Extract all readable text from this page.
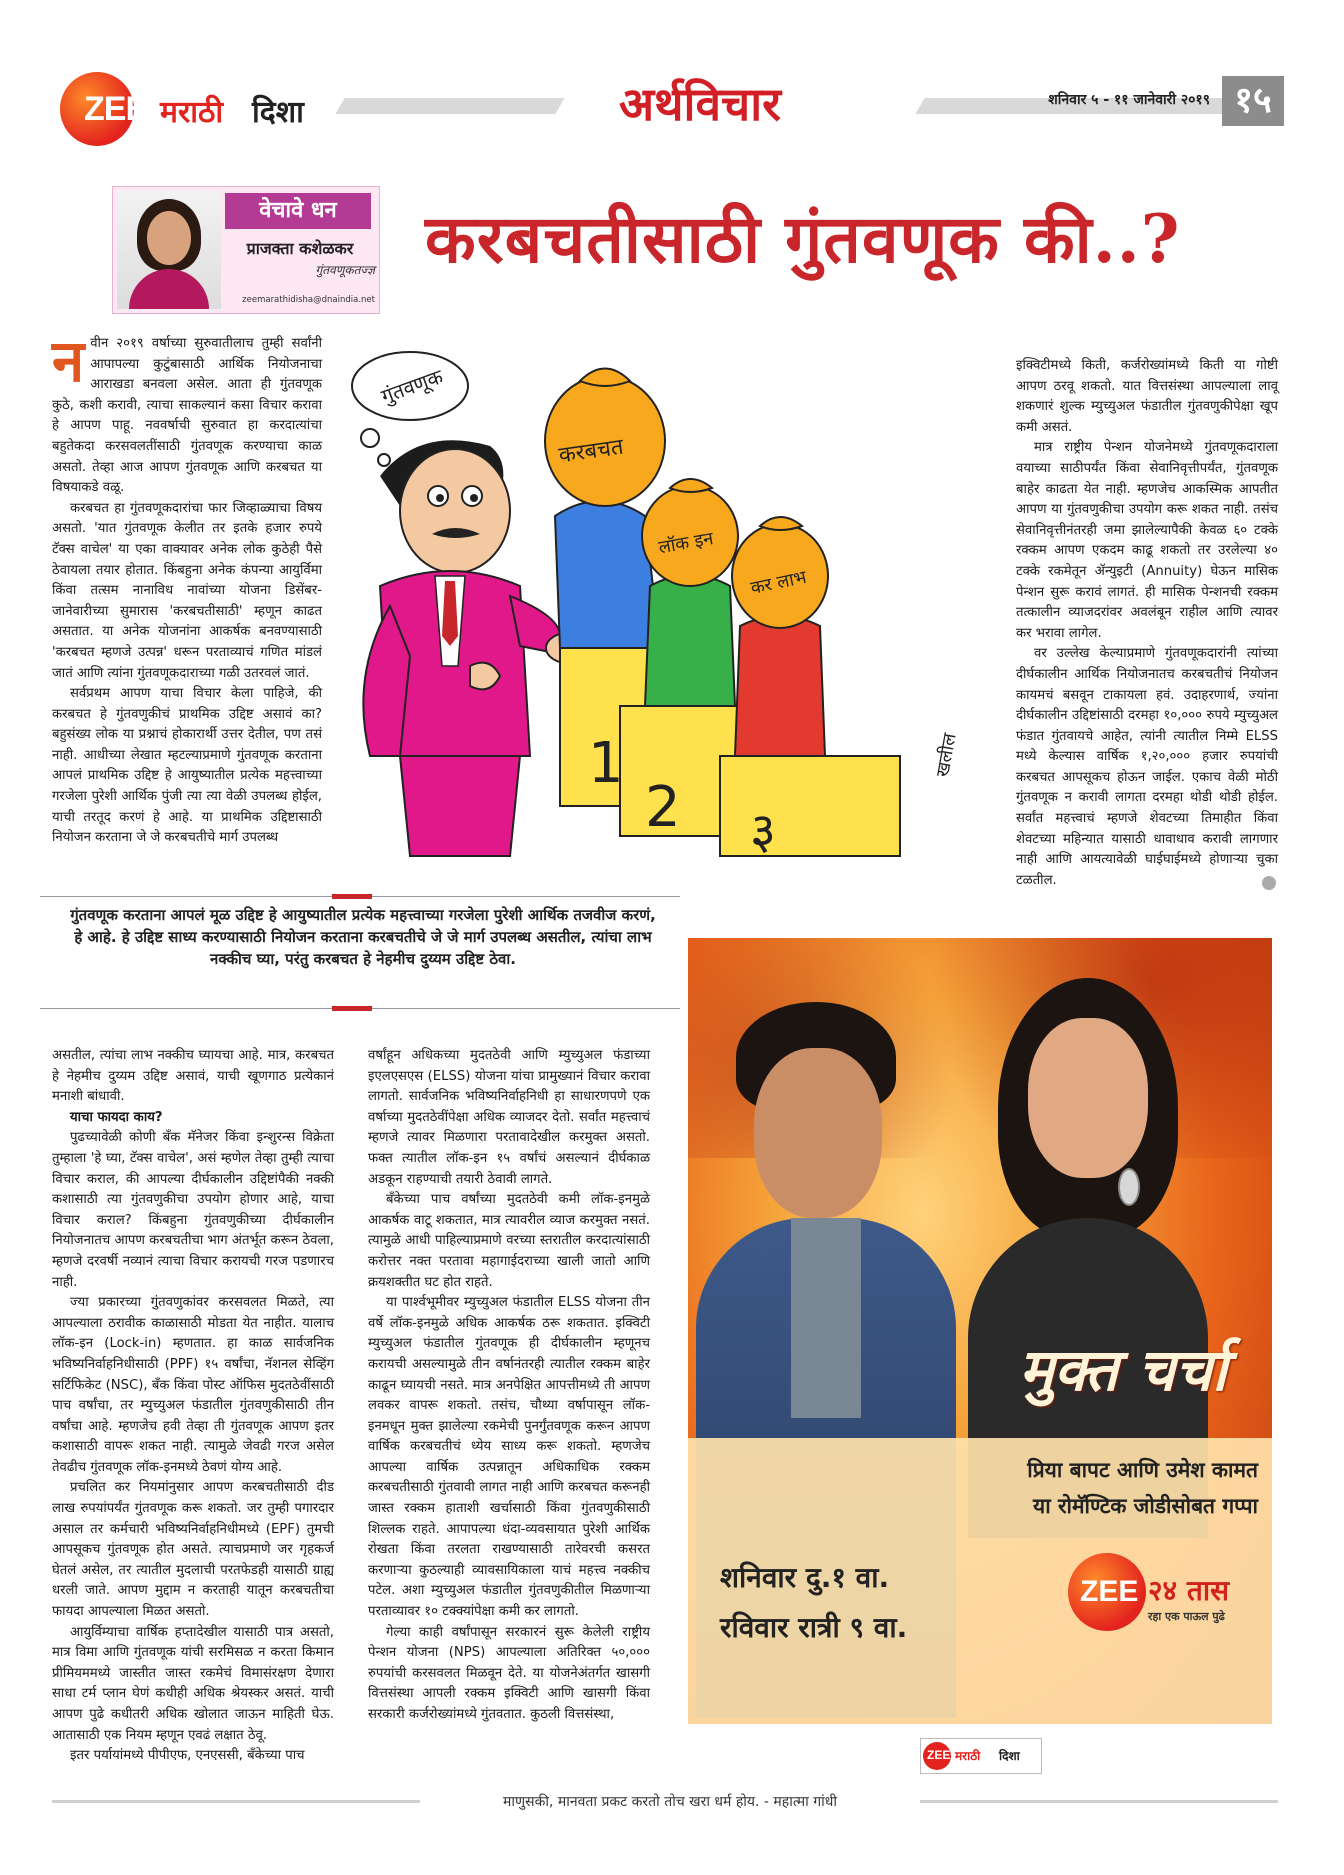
ZEE मराठी दिशा	अर्थविचार	शनिवार ५ - ११ जानेवारी २०१९ १५
वेचावे धन
प्राजक्ता कशेळकर
गुंतवणूकतज्ज्ञ
zeemarathidisha@dnaindia.net
करबचतीसाठी गुंतवणूक की..?
न वीन २०१९ वर्षाच्या सुरुवातीलाच तुम्ही सर्वांनी आपापल्या कुटुंबासाठी आर्थिक नियोजनाचा आराखडा बनवला असेल. आता ही गुंतवणूक कुठे, कशी करावी, त्याचा साकल्यानं कसा विचार करावा हे आपण पाहू. नववर्षाची सुरुवात हा करदात्यांचा बहुतेकदा करसवलतींसाठी गुंतवणूक करण्याचा काळ असतो. तेव्हा आज आपण गुंतवणूक आणि करबचत या विषयाकडे वळू.

करबचत हा गुंतवणूकदारांचा फार जिव्हाळ्याचा विषय असतो. 'यात गुंतवणूक केलीत तर इतके हजार रुपये टॅक्स वाचेल' या एका वाक्यावर अनेक लोक कुठेही पैसे ठेवायला तयार होतात. किंबहुना अनेक कंपन्या आयुर्विमा किंवा तत्सम नानाविध नावांच्या योजना डिसेंबर-जानेवारीच्या सुमारास 'करबचतीसाठी' म्हणून काढत असतात. या अनेक योजनांना आकर्षक बनवण्यासाठी 'करबचत म्हणजे उत्पन्न' धरून परताव्याचं गणित मांडलं जातं आणि त्यांना गुंतवणूकदाराच्या गळी उतरवलं जातं.

सर्वप्रथम आपण याचा विचार केला पाहिजे, की करबचत हे गुंतवणुकीचं प्राथमिक उद्दिष्ट असावं का? बहुसंख्य लोक या प्रश्नाचं होकारार्थी उत्तर देतील, पण तसं नाही. आधीच्या लेखात म्हटल्याप्रमाणे गुंतवणूक करताना आपलं प्राथमिक उद्दिष्ट हे आयुष्यातील प्रत्येक महत्त्वाच्या गरजेला पुरेशी आर्थिक पुंजी त्या त्या वेळी उपलब्ध होईल, याची तरतूद करणं हे आहे. या प्राथमिक उद्दिष्टासाठी नियोजन करताना जे जे करबचतीचे मार्ग उपलब्ध

गुंतवणूक
1
2 ३
करबचत
लॉक इन
कर लाभ
खलील

इक्विटीमध्ये किती, कर्जरोख्यांमध्ये किती या गोष्टी आपण ठरवू शकतो. यात वित्तसंस्था आपल्याला लावू शकणारं शुल्क म्युच्युअल फंडातील गुंतवणुकीपेक्षा खूप कमी असतं.

मात्र राष्ट्रीय पेन्शन योजनेमध्ये गुंतवणूकदाराला वयाच्या साठीपर्यंत किंवा सेवानिवृत्तीपर्यंत, गुंतवणूक बाहेर काढता येत नाही. म्हणजेच आकस्मिक आपतीत आपण या गुंतवणुकीचा उपयोग करू शकत नाही. तसंच सेवानिवृत्तीनंतरही जमा झालेल्यापैकी केवळ ६० टक्के रक्कम आपण एकदम काढू शकतो तर उरलेल्या ४० टक्के रकमेतून ॲन्युइटी (Annuity) घेऊन मासिक पेन्शन सुरू करावं लागतं. ही मासिक पेन्शनची रक्कम तत्कालीन व्याजदरांवर अवलंबून राहील आणि त्यावर कर भरावा लागेल.

वर उल्लेख केल्याप्रमाणे गुंतवणूकदारांनी त्यांच्या दीर्घकालीन आर्थिक नियोजनातच करबचतीचं नियोजन कायमचं बसवून टाकायला हवं. उदाहरणार्थ, ज्यांना दीर्घकालीन उद्दिष्टांसाठी दरमहा १०,००० रुपये म्युच्युअल फंडात गुंतवायचे आहेत, त्यांनी त्यातील निम्मे ELSS मध्ये केल्यास वार्षिक १,२०,००० हजार रुपयांची करबचत आपसूकच होऊन जाईल. एकाच वेळी मोठी गुंतवणूक न करावी लागता दरमहा थोडी थोडी होईल. सर्वांत महत्त्वाचं म्हणजे शेवटच्या तिमाहीत किंवा शेवटच्या महिन्यात यासाठी धावाधाव करावी लागणार नाही आणि आयत्यावेळी घाईघाईमध्ये होणाऱ्या चुका टळतील.

गुंतवणूक करताना आपलं मूळ उद्दिष्ट हे आयुष्यातील प्रत्येक महत्त्वाच्या गरजेला पुरेशी आर्थिक तजवीज करणं, हे आहे. हे उद्दिष्ट साध्य करण्यासाठी नियोजन करताना करबचतीचे जे जे मार्ग उपलब्ध असतील, त्यांचा लाभ नक्कीच घ्या, परंतु करबचत हे नेहमीच दुय्यम उद्दिष्ट ठेवा.

असतील, त्यांचा लाभ नक्कीच घ्यायचा आहे. मात्र, करबचत हे नेहमीच दुय्यम उद्दिष्ट असावं, याची खूणगाठ प्रत्येकानं मनाशी बांधावी.

याचा फायदा काय?

पुढच्यावेळी कोणी बँक मॅनेजर किंवा इन्शुरन्स विक्रेता तुम्हाला 'हे घ्या, टॅक्स वाचेल', असं म्हणेल तेव्हा तुम्ही त्याचा विचार कराल, की आपल्या दीर्घकालीन उद्दिष्टांपैकी नक्की कशासाठी त्या गुंतवणुकीचा उपयोग होणार आहे, याचा विचार कराल? किंबहुना गुंतवणुकीच्या दीर्घकालीन नियोजनातच आपण करबचतीचा भाग अंतर्भूत करून ठेवला, म्हणजे दरवर्षी नव्यानं त्याचा विचार करायची गरज पडणारच नाही.

ज्या प्रकारच्या गुंतवणुकांवर करसवलत मिळते, त्या आपल्याला ठरावीक काळासाठी मोडता येत नाहीत. यालाच लॉक-इन (Lock-in) म्हणतात. हा काळ सार्वजनिक भविष्यनिर्वाहनिधीसाठी (PPF) १५ वर्षांचा, नॅशनल सेव्हिंग सर्टिफिकेट (NSC), बँक किंवा पोस्ट ऑफिस मुदतठेवींसाठी पाच वर्षांचा, तर म्युच्युअल फंडातील गुंतवणुकीसाठी तीन वर्षांचा आहे. म्हणजेच हवी तेव्हा ती गुंतवणूक आपण इतर कशासाठी वापरू शकत नाही. त्यामुळे जेवढी गरज असेल तेवढीच गुंतवणूक लॉक-इनमध्ये ठेवणं योग्य आहे.

प्रचलित कर नियमांनुसार आपण करबचतीसाठी दीड लाख रुपयांपर्यंत गुंतवणूक करू शकतो. जर तुम्ही पगारदार असाल तर कर्मचारी भविष्यनिर्वाहनिधीमध्ये (EPF) तुमची आपसूकच गुंतवणूक होत असते. त्याचप्रमाणे जर गृहकर्ज घेतलं असेल, तर त्यातील मुदलाची परतफेडही यासाठी ग्राह्य धरली जाते. आपण मुद्दाम न करताही यातून करबचतीचा फायदा आपल्याला मिळत असतो.

आयुर्विम्याचा वार्षिक हप्तादेखील यासाठी पात्र असतो, मात्र विमा आणि गुंतवणूक यांची सरमिसळ न करता किमान प्रीमियममध्ये जास्तीत जास्त रकमेचं विमासंरक्षण देणारा साधा टर्म प्लान घेणं कधीही अधिक श्रेयस्कर असतं. याची आपण पुढे कधीतरी अधिक खोलात जाऊन माहिती घेऊ. आतासाठी एक नियम म्हणून एवढं लक्षात ठेवू.

इतर पर्यायांमध्ये पीपीएफ, एनएससी, बँकेच्या पाच

वर्षांहून अधिकच्या मुदतठेवी आणि म्युच्युअल फंडाच्या इएलएसएस (ELSS) योजना यांचा प्रामुख्यानं विचार करावा लागतो. सार्वजनिक भविष्यनिर्वाहनिधी हा साधारणपणे एक वर्षाच्या मुदतठेवींपेक्षा अधिक व्याजदर देतो. सर्वांत महत्त्वाचं म्हणजे त्यावर मिळणारा परतावादेखील करमुक्त असतो. फक्त त्यातील लॉक-इन १५ वर्षांचं असल्यानं दीर्घकाळ अडकून राहण्याची तयारी ठेवावी लागते.

बँकेच्या पाच वर्षांच्या मुदतठेवी कमी लॉक-इनमुळे आकर्षक वाटू शकतात, मात्र त्यावरील व्याज करमुक्त नसतं. त्यामुळे आधी पाहिल्याप्रमाणे वरच्या स्तरातील करदात्यांसाठी करोत्तर नक्त परतावा महागाईदराच्या खाली जातो आणि क्रयशक्तीत घट होत राहते.

या पार्श्वभूमीवर म्युच्युअल फंडातील ELSS योजना तीन वर्षे लॉक-इनमुळे अधिक आकर्षक ठरू शकतात. इक्विटी म्युच्युअल फंडातील गुंतवणूक ही दीर्घकालीन म्हणूनच करायची असल्यामुळे तीन वर्षानंतरही त्यातील रक्कम बाहेर काढून घ्यायची नसते. मात्र अनपेक्षित आपत्तीमध्ये ती आपण लवकर वापरू शकतो. तसंच, चौथ्या वर्षापासून लॉक-इनमधून मुक्त झालेल्या रकमेची पुनर्गुंतवणूक करून आपण वार्षिक करबचतीचं ध्येय साध्य करू शकतो. म्हणजेच आपल्या वार्षिक उत्पन्नातून अधिकाधिक रक्कम करबचतीसाठी गुंतवावी लागत नाही आणि करबचत करूनही जास्त रक्कम हाताशी खर्चासाठी किंवा गुंतवणुकीसाठी शिल्लक राहते. आपापल्या धंदा-व्यवसायात पुरेशी आर्थिक रोखता किंवा तरलता राखण्यासाठी तारेवरची कसरत करणाऱ्या कुठल्याही व्यावसायिकाला याचं महत्त्व नक्कीच पटेल. अशा म्युच्युअल फंडातील गुंतवणुकीतील मिळणाऱ्या परताव्यावर १० टक्क्यांपेक्षा कमी कर लागतो.

गेल्या काही वर्षांपासून सरकारनं सुरू केलेली राष्ट्रीय पेन्शन योजना (NPS) आपल्याला अतिरिक्त ५०,००० रुपयांची करसवलत मिळवून देते. या योजनेअंतर्गत खासगी वित्तसंस्था आपली रक्कम इक्विटी आणि खासगी किंवा सरकारी कर्जरोख्यांमध्ये गुंतवतात. कुठली वित्तसंस्था,

मुक्त चर्चा
प्रिया बापट आणि उमेश कामत
या रोमॅण्टिक जोडीसोबत गप्पा
शनिवार दु.१ वा.
रविवार रात्री ९ वा.
ZEE २४ तास
रहा एक पाऊल पुढे
ZEE मराठी दिशा
माणुसकी, मानवता प्रकट करतो तोच खरा धर्म होय. - महात्मा गांधी
